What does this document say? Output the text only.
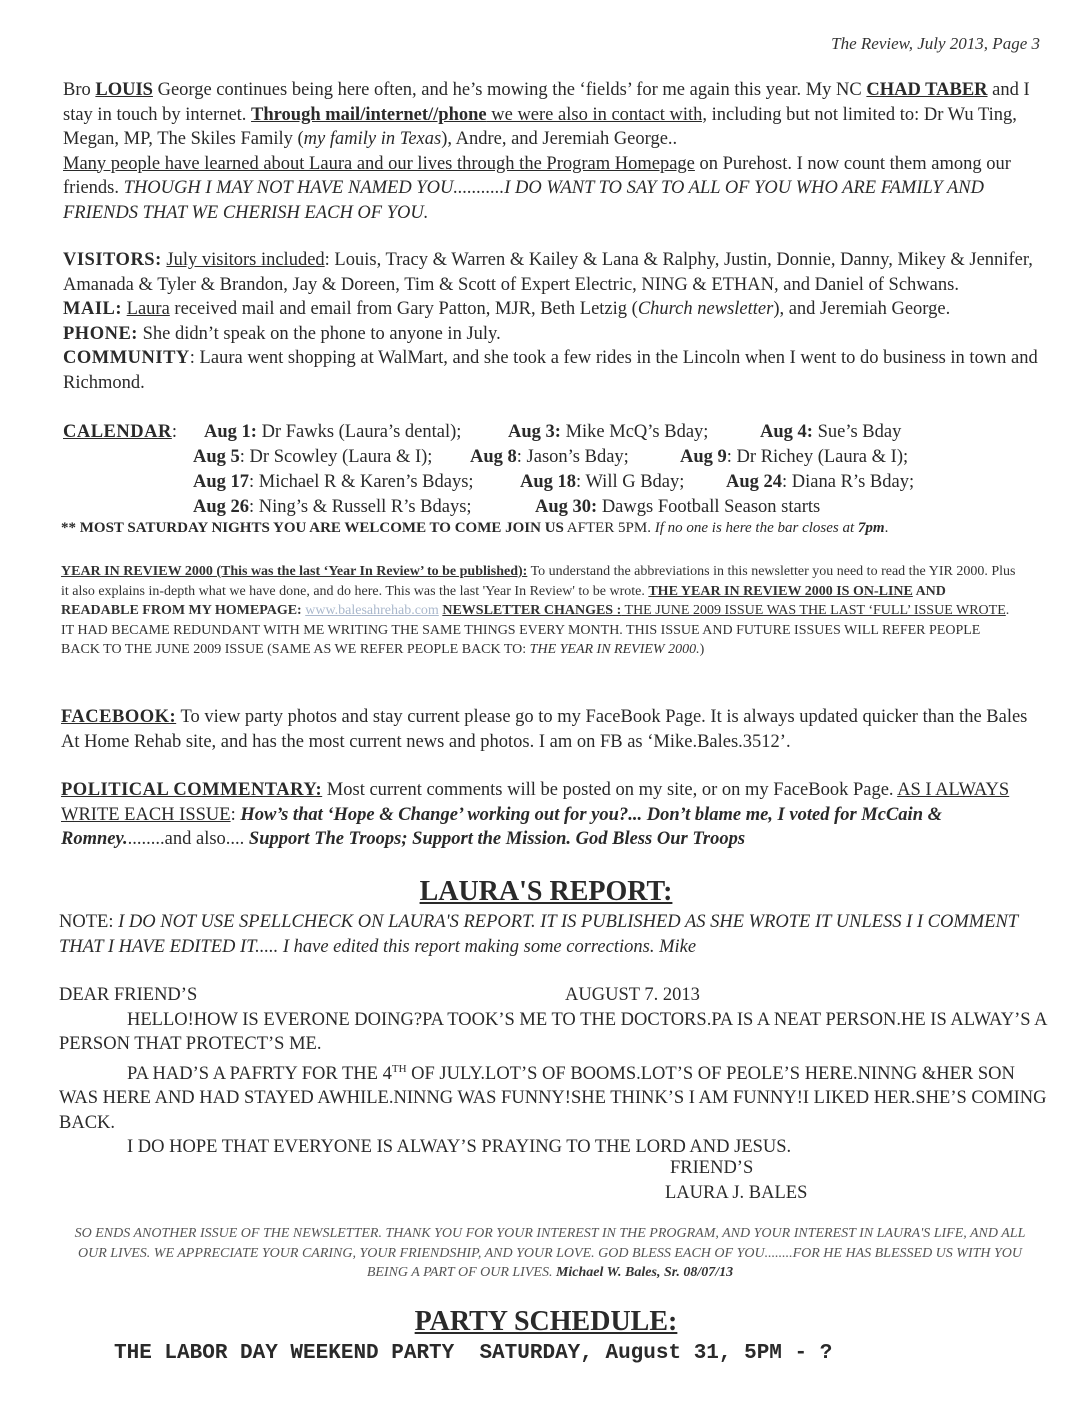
The Review, July 2013, Page 3
Bro LOUIS George continues being here often, and he’s mowing the ‘fields’ for me again this year. My NC CHAD TABER and I stay in touch by internet. Through mail/internet//phone we were also in contact with, including but not limited to: Dr Wu Ting, Megan, MP, The Skiles Family (my family in Texas), Andre, and Jeremiah George..
Many people have learned about Laura and our lives through the Program Homepage on Purehost. I now count them among our friends. THOUGH I MAY NOT HAVE NAMED YOU...........I DO WANT TO SAY TO ALL OF YOU WHO ARE FAMILY AND FRIENDS THAT WE CHERISH EACH OF YOU.

VISITORS: July visitors included: Louis, Tracy & Warren & Kailey & Lana & Ralphy, Justin, Donnie, Danny, Mikey & Jennifer, Amanada & Tyler & Brandon, Jay & Doreen, Tim & Scott of Expert Electric, NING & ETHAN, and Daniel of Schwans.

MAIL: Laura received mail and email from Gary Patton, MJR, Beth Letzig (Church newsletter), and Jeremiah George.

PHONE: She didn’t speak on the phone to anyone in July.

COMMUNITY: Laura went shopping at WalMart, and she took a few rides in the Lincoln when I went to do business in town and Richmond.

CALENDAR: Aug 1: Dr Fawks (Laura’s dental);	Aug 3: Mike McQ’s Bday;	Aug 4: Sue’s Bday
Aug 5: Dr Scowley (Laura & I); Aug 8: Jason’s Bday;	Aug 9: Dr Richey (Laura & I);
Aug 17: Michael R & Karen’s Bdays;	Aug 18: Will G Bday; Aug 24: Diana R’s Bday;
Aug 26: Ning’s & Russell R’s Bdays;	Aug 30: Dawgs Football Season starts
** MOST SATURDAY NIGHTS YOU ARE WELCOME TO COME JOIN US AFTER 5PM. If no one is here the bar closes at 7pm.
YEAR IN REVIEW 2000 (This was the last ‘Year In Review’ to be published): To understand the abbreviations in this newsletter you need to read the YIR 2000. Plus it also explains in-depth what we have done, and do here. This was the last 'Year In Review' to be wrote. THE YEAR IN REVIEW 2000 IS ON-LINE AND READABLE FROM MY HOMEPAGE: www.balesahrehab.com NEWSLETTER CHANGES : THE JUNE 2009 ISSUE WAS THE LAST ‘FULL’ ISSUE WROTE. IT HAD BECAME REDUNDANT WITH ME WRITING THE SAME THINGS EVERY MONTH. THIS ISSUE AND FUTURE ISSUES WILL REFER PEOPLE BACK TO THE JUNE 2009 ISSUE (SAME AS WE REFER PEOPLE BACK TO: THE YEAR IN REVIEW 2000.)
FACEBOOK: To view party photos and stay current please go to my FaceBook Page. It is always updated quicker than the Bales At Home Rehab site, and has the most current news and photos. I am on FB as ‘Mike.Bales.3512’.
POLITICAL COMMENTARY: Most current comments will be posted on my site, or on my FaceBook Page. AS I ALWAYS WRITE EACH ISSUE: How’s that ‘Hope & Change’ working out for you?... Don’t blame me, I voted for McCain & Romney.........and also.... Support The Troops; Support the Mission. God Bless Our Troops
LAURA'S REPORT:
NOTE: I DO NOT USE SPELLCHECK ON LAURA'S REPORT. IT IS PUBLISHED AS SHE WROTE IT UNLESS I I COMMENT THAT I HAVE EDITED IT..... I have edited this report making some corrections. Mike

DEAR FRIEND’S	AUGUST 7. 2013

HELLO!HOW IS EVERONE DOING?PA TOOK’S ME TO THE DOCTORS.PA IS A NEAT PERSON.HE IS ALWAY’S A PERSON THAT PROTECT’S ME.

PA HAD’S A PAFRTY FOR THE 4TH OF JULY.LOT’S OF BOOMS.LOT’S OF PEOLE’S HERE.NINNG &HER SON WAS HERE AND HAD STAYED AWHILE.NINNG WAS FUNNY!SHE THINK’S I AM FUNNY!I LIKED HER.SHE’S COMING BACK.

I DO HOPE THAT EVERYONE IS ALWAY’S PRAYING TO THE LORD AND JESUS.

FRIEND’S
LAURA J. BALES
SO ENDS ANOTHER ISSUE OF THE NEWSLETTER. THANK YOU FOR YOUR INTEREST IN THE PROGRAM, AND YOUR INTEREST IN LAURA'S LIFE, AND ALL OUR LIVES. WE APPRECIATE YOUR CARING, YOUR FRIENDSHIP, AND YOUR LOVE. GOD BLESS EACH OF YOU........FOR HE HAS BLESSED US WITH YOU BEING A PART OF OUR LIVES. Michael W. Bales, Sr. 08/07/13
PARTY SCHEDULE:
THE LABOR DAY WEEKEND PARTY  SATURDAY, August 31, 5PM - ?
